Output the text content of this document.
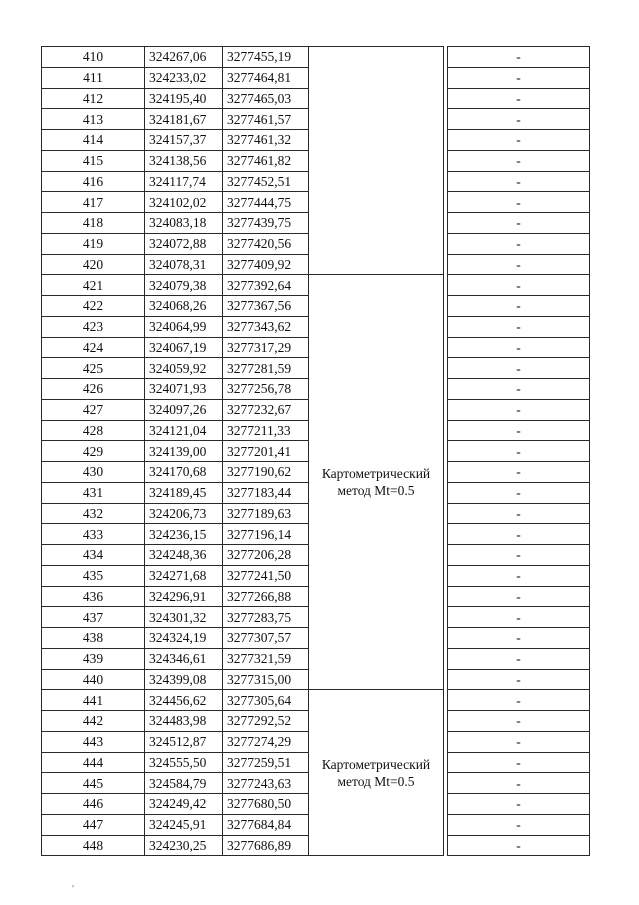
410	324267,06	3277455,19			-
411	324233,02	3277464,81			-
412	324195,40	3277465,03			-
413	324181,67	3277461,57			-
414	324157,37	3277461,32			-
415	324138,56	3277461,82			-
416	324117,74	3277452,51			-
417	324102,02	3277444,75			-
418	324083,18	3277439,75			-
419	324072,88	3277420,56			-
420	324078,31	3277409,92			-
421	324079,38	3277392,64	Картометрический метод Mt=0.5		-
422	324068,26	3277367,56			-
423	324064,99	3277343,62			-
424	324067,19	3277317,29			-
425	324059,92	3277281,59			-
426	324071,93	3277256,78			-
427	324097,26	3277232,67			-
428	324121,04	3277211,33			-
429	324139,00	3277201,41			-
430	324170,68	3277190,62			-
431	324189,45	3277183,44			-
432	324206,73	3277189,63			-
433	324236,15	3277196,14			-
434	324248,36	3277206,28			-
435	324271,68	3277241,50			-
436	324296,91	3277266,88			-
437	324301,32	3277283,75			-
438	324324,19	3277307,57			-
439	324346,61	3277321,59			-
440	324399,08	3277315,00			-
441	324456,62	3277305,64	Картометрический метод Mt=0.5		-
442	324483,98	3277292,52			-
443	324512,87	3277274,29			-
444	324555,50	3277259,51			-
445	324584,79	3277243,63			-
446	324249,42	3277680,50			-
447	324245,91	3277684,84			-
448	324230,25	3277686,89			-
′
